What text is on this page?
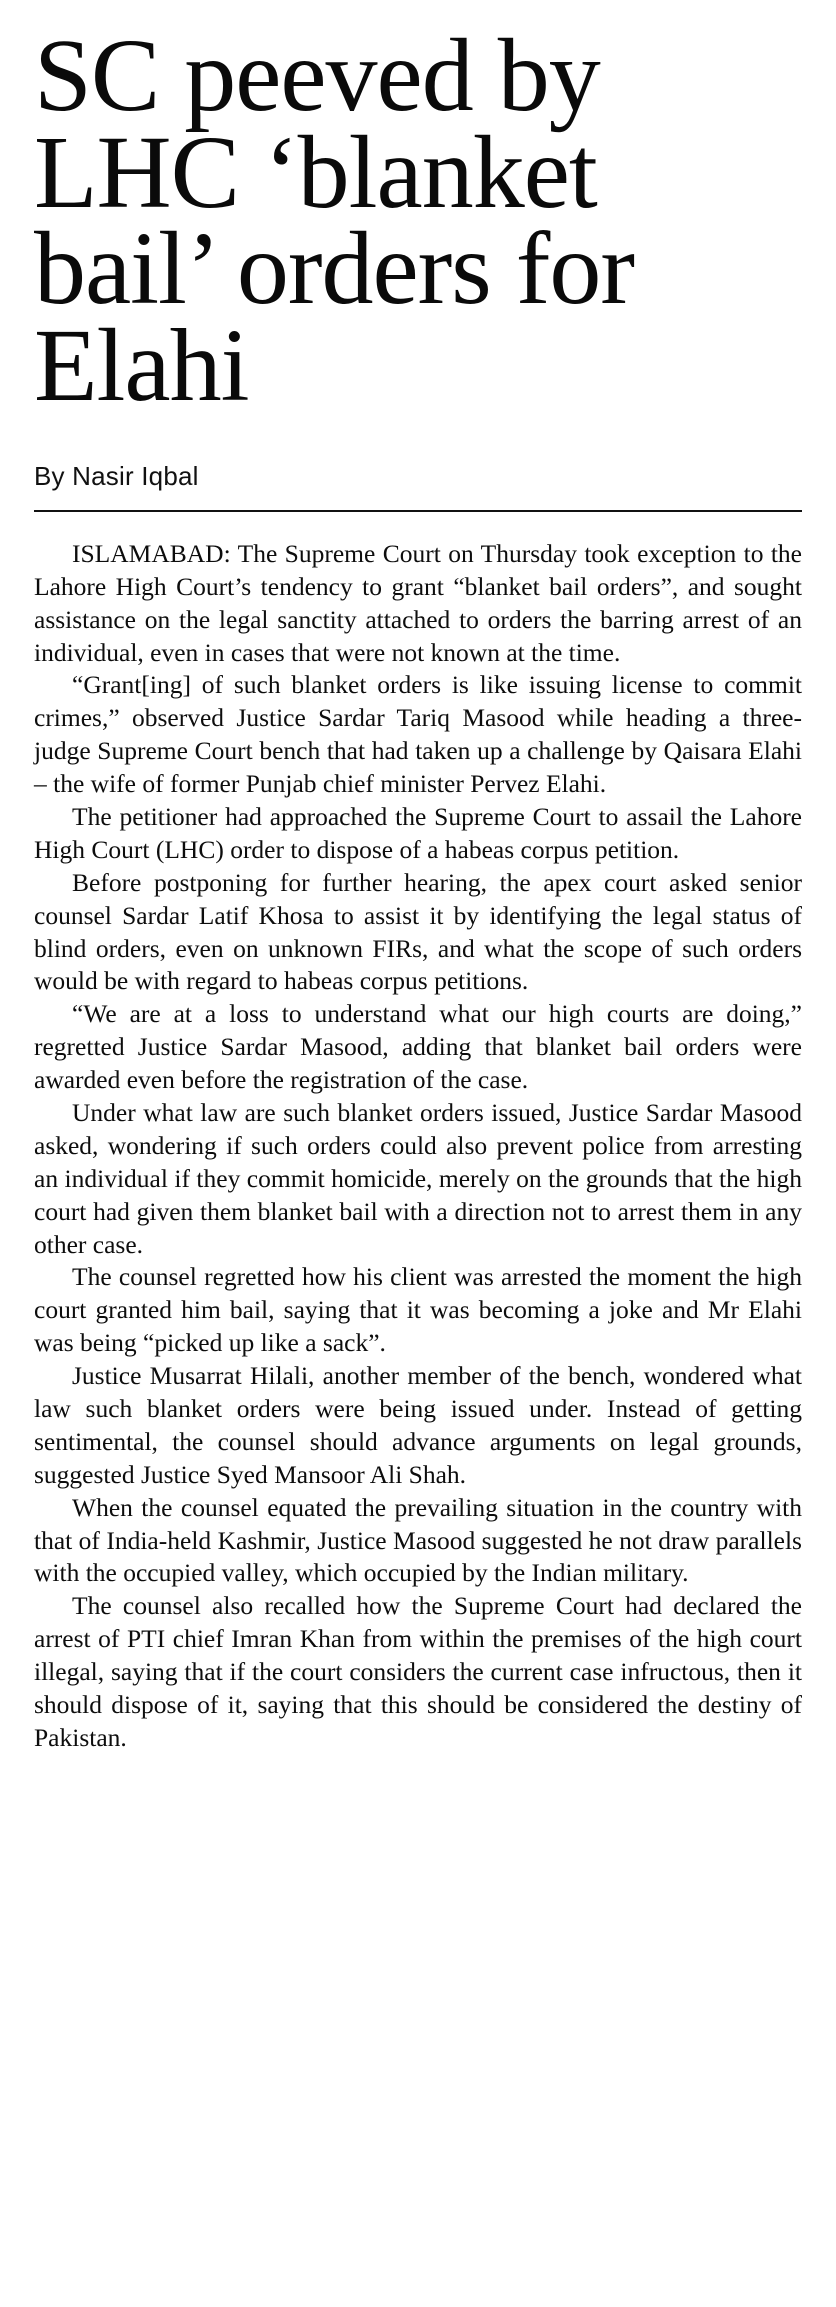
SC peeved by LHC ‘blanket bail’ orders for Elahi
By Nasir Iqbal

ISLAMABAD: The Supreme Court on Thursday took exception to the Lahore High Court’s tendency to grant “blanket bail orders”, and sought assistance on the legal sanctity attached to orders the barring arrest of an individual, even in cases that were not known at the time.

“Grant[ing] of such blanket orders is like issuing license to commit crimes,” observed Justice Sardar Tariq Masood while heading a three-judge Supreme Court bench that had taken up a challenge by Qaisara Elahi – the wife of former Punjab chief minister Pervez Elahi.

The petitioner had approached the Supreme Court to assail the Lahore High Court (LHC) order to dispose of a habeas corpus petition.

Before postponing for further hearing, the apex court asked senior counsel Sardar Latif Khosa to assist it by identifying the legal status of blind orders, even on unknown FIRs, and what the scope of such orders would be with regard to habeas corpus petitions.

“We are at a loss to understand what our high courts are doing,” regretted Justice Sardar Masood, adding that blanket bail orders were awarded even before the registration of the case.

Under what law are such blanket orders issued, Justice Sardar Masood asked, wondering if such orders could also prevent police from arresting an individual if they commit homicide, merely on the grounds that the high court had given them blanket bail with a direction not to arrest them in any other case.

The counsel regretted how his client was arrested the moment the high court granted him bail, saying that it was becoming a joke and Mr Elahi was being “picked up like a sack”.

Justice Musarrat Hilali, another member of the bench, wondered what law such blanket orders were being issued under. Instead of getting sentimental, the counsel should advance arguments on legal grounds, suggested Justice Syed Mansoor Ali Shah.

When the counsel equated the prevailing situation in the country with that of India-held Kashmir, Justice Masood suggested he not draw parallels with the occupied valley, which occupied by the Indian military.

The counsel also recalled how the Supreme Court had declared the arrest of PTI chief Imran Khan from within the premises of the high court illegal, saying that if the court considers the current case infructous, then it should dispose of it, saying that this should be considered the destiny of Pakistan.
